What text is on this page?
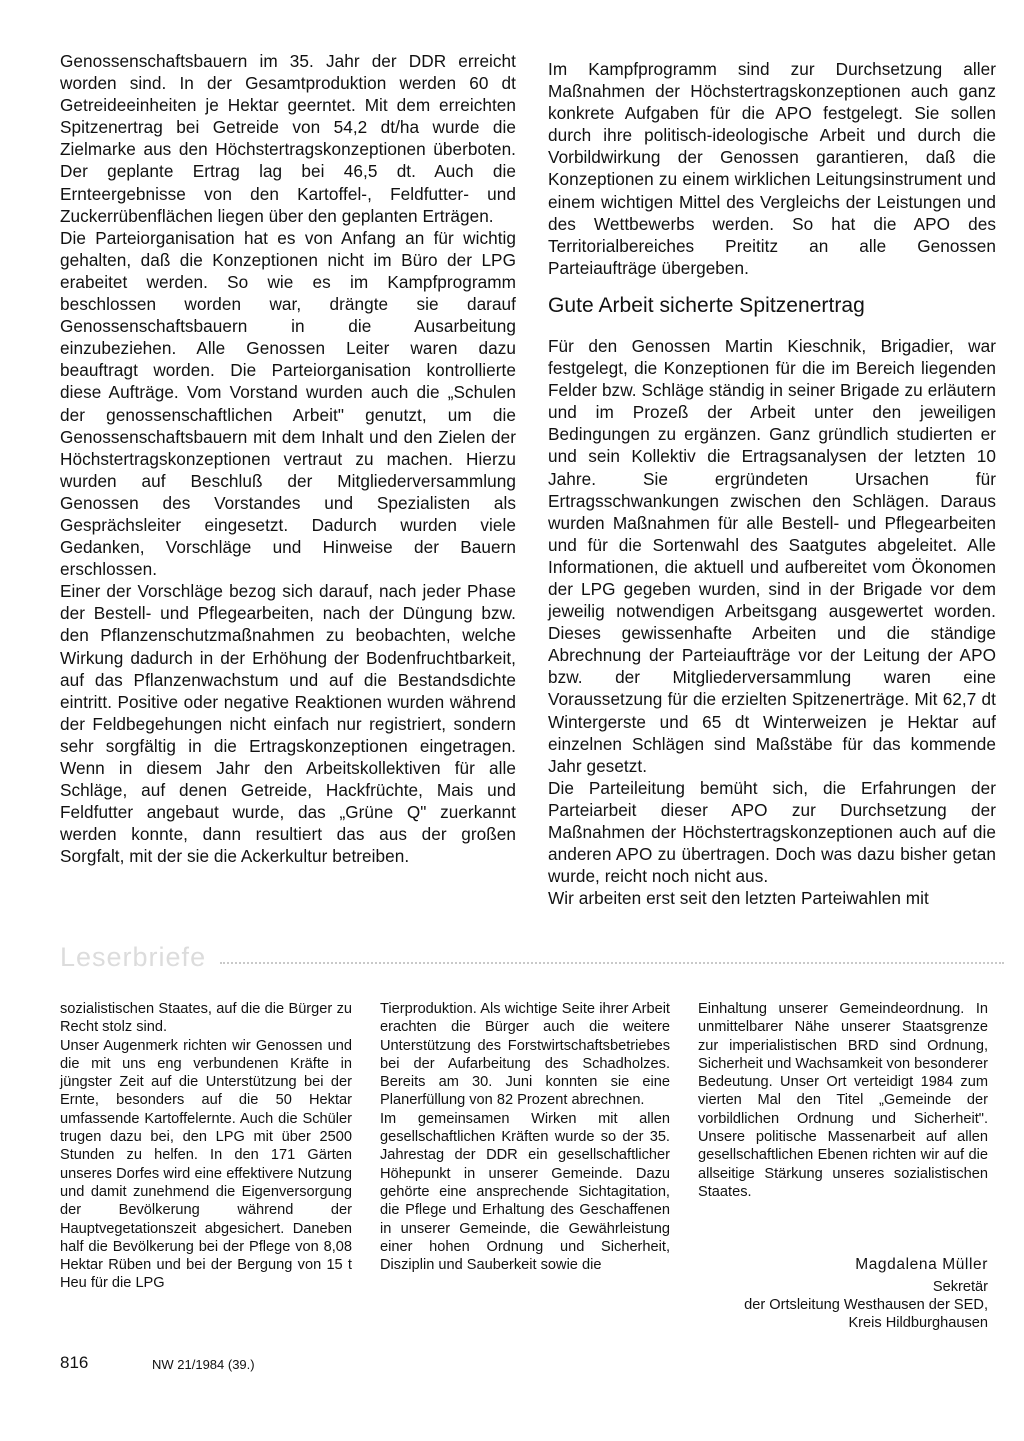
Genossenschaftsbauern im 35. Jahr der DDR erreicht worden sind. In der Gesamtproduktion werden 60 dt Getreideeinheiten je Hektar geerntet. Mit dem erreichten Spitzenertrag bei Getreide von 54,2 dt/ha wurde die Zielmarke aus den Höchstertragskonzeptionen überboten. Der geplante Ertrag lag bei 46,5 dt. Auch die Ernteergebnisse von den Kartoffel-, Feldfutter- und Zuckerrübenflächen liegen über den geplanten Erträgen.

Die Parteiorganisation hat es von Anfang an für wichtig gehalten, daß die Konzeptionen nicht im Büro der LPG erabeitet werden. So wie es im Kampfprogramm beschlossen worden war, drängte sie darauf Genossenschaftsbauern in die Ausarbeitung einzubeziehen. Alle Genossen Leiter waren dazu beauftragt worden. Die Parteiorganisation kontrollierte diese Aufträge. Vom Vorstand wurden auch die „Schulen der genossenschaftlichen Arbeit" genutzt, um die Genossenschaftsbauern mit dem Inhalt und den Zielen der Höchstertragskonzeptionen vertraut zu machen. Hierzu wurden auf Beschluß der Mitgliederversammlung Genossen des Vorstandes und Spezialisten als Gesprächsleiter eingesetzt. Dadurch wurden viele Gedanken, Vorschläge und Hinweise der Bauern erschlossen.

Einer der Vorschläge bezog sich darauf, nach jeder Phase der Bestell- und Pflegearbeiten, nach der Düngung bzw. den Pflanzenschutzmaßnahmen zu beobachten, welche Wirkung dadurch in der Erhöhung der Bodenfruchtbarkeit, auf das Pflanzenwachstum und auf die Bestandsdichte eintritt. Positive oder negative Reaktionen wurden während der Feldbegehungen nicht einfach nur registriert, sondern sehr sorgfältig in die Ertragskonzeptionen eingetragen. Wenn in diesem Jahr den Arbeitskollektiven für alle Schläge, auf denen Getreide, Hackfrüchte, Mais und Feldfutter angebaut wurde, das „Grüne Q" zuerkannt werden konnte, dann resultiert das aus der großen Sorgfalt, mit der sie die Ackerkultur betreiben.

Im Kampfprogramm sind zur Durchsetzung aller Maßnahmen der Höchstertragskonzeptionen auch ganz konkrete Aufgaben für die APO festgelegt. Sie sollen durch ihre politisch-ideologische Arbeit und durch die Vorbildwirkung der Genossen garantieren, daß die Konzeptionen zu einem wirklichen Leitungsinstrument und einem wichtigen Mittel des Vergleichs der Leistungen und des Wettbewerbs werden. So hat die APO des Territorialbereiches Preititz an alle Genossen Parteiaufträge übergeben.

Gute Arbeit sicherte Spitzenertrag

Für den Genossen Martin Kieschnik, Brigadier, war festgelegt, die Konzeptionen für die im Bereich liegenden Felder bzw. Schläge ständig in seiner Brigade zu erläutern und im Prozeß der Arbeit unter den jeweiligen Bedingungen zu ergänzen. Ganz gründlich studierten er und sein Kollektiv die Ertragsanalysen der letzten 10 Jahre. Sie ergründeten Ursachen für Ertragsschwankungen zwischen den Schlägen. Daraus wurden Maßnahmen für alle Bestell- und Pflegearbeiten und für die Sortenwahl des Saatgutes abgeleitet. Alle Informationen, die aktuell und aufbereitet vom Ökonomen der LPG gegeben wurden, sind in der Brigade vor dem jeweilig notwendigen Arbeitsgang ausgewertet worden. Dieses gewissenhafte Arbeiten und die ständige Abrechnung der Parteiaufträge vor der Leitung der APO bzw. der Mitgliederversammlung waren eine Voraussetzung für die erzielten Spitzenerträge. Mit 62,7 dt Wintergerste und 65 dt Winterweizen je Hektar auf einzelnen Schlägen sind Maßstäbe für das kommende Jahr gesetzt.

Die Parteileitung bemüht sich, die Erfahrungen der Parteiarbeit dieser APO zur Durchsetzung der Maßnahmen der Höchstertragskonzeptionen auch auf die anderen APO zu übertragen. Doch was dazu bisher getan wurde, reicht noch nicht aus.

Wir arbeiten erst seit den letzten Parteiwahlen mit

Leserbriefe

sozialistischen Staates, auf die die Bürger zu Recht stolz sind.

Unser Augenmerk richten wir Genossen und die mit uns eng verbundenen Kräfte in jüngster Zeit auf die Unterstützung bei der Ernte, besonders auf die 50 Hektar umfassende Kartoffelernte. Auch die Schüler trugen dazu bei, den LPG mit über 2500 Stunden zu helfen. In den 171 Gärten unseres Dorfes wird eine effektivere Nutzung und damit zunehmend die Eigenversorgung der Bevölkerung während der Hauptvegetationszeit abgesichert. Daneben half die Bevölkerung bei der Pflege von 8,08 Hektar Rüben und bei der Bergung von 15 t Heu für die LPG

Tierproduktion. Als wichtige Seite ihrer Arbeit erachten die Bürger auch die weitere Unterstützung des Forstwirtschaftsbetriebes bei der Aufarbeitung des Schadholzes. Bereits am 30. Juni konnten sie eine Planerfüllung von 82 Prozent abrechnen.

Im gemeinsamen Wirken mit allen gesellschaftlichen Kräften wurde so der 35. Jahrestag der DDR ein gesellschaftlicher Höhepunkt in unserer Gemeinde. Dazu gehörte eine ansprechende Sichtagitation, die Pflege und Erhaltung des Geschaffenen in unserer Gemeinde, die Gewährleistung einer hohen Ordnung und Sicherheit, Disziplin und Sauberkeit sowie die

Einhaltung unserer Gemeindeordnung. In unmittelbarer Nähe unserer Staatsgrenze zur imperialistischen BRD sind Ordnung, Sicherheit und Wachsamkeit von besonderer Bedeutung. Unser Ort verteidigt 1984 zum vierten Mal den Titel „Gemeinde der vorbildlichen Ordnung und Sicherheit". Unsere politische Massenarbeit auf allen gesellschaftlichen Ebenen richten wir auf die allseitige Stärkung unseres sozialistischen Staates.

Magdalena Müller
Sekretär
der Ortsleitung Westhausen der SED,
Kreis Hildburghausen
816	NW 21/1984 (39.)
